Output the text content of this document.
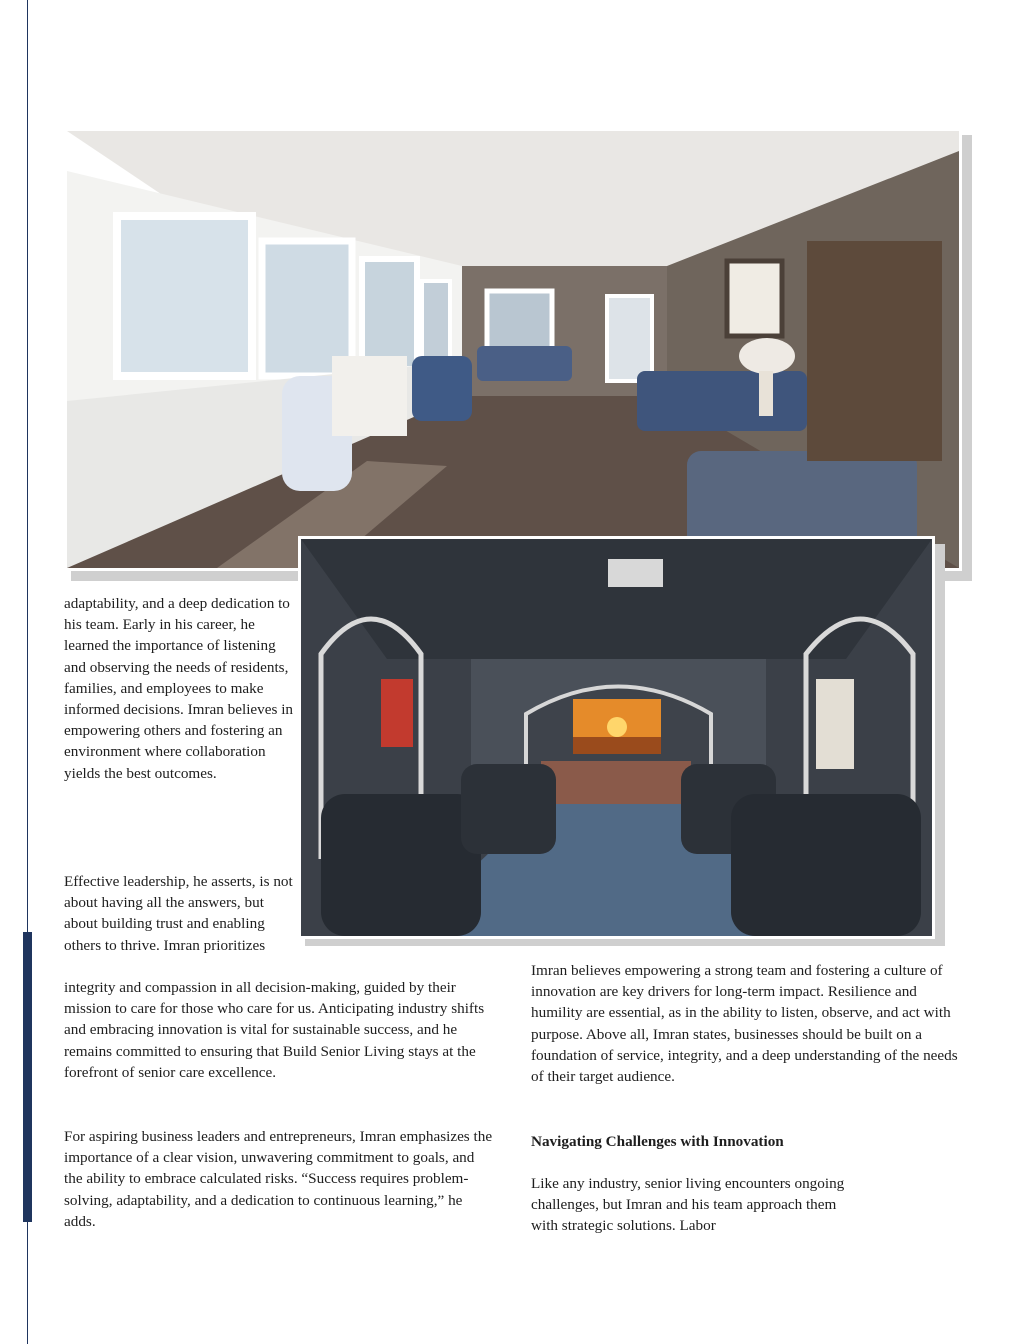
adaptability, and a deep dedication to his team. Early in his career, he learned the importance of listening and observing the needs of residents, families, and employees to make informed decisions. Imran believes in empowering others and fostering an environment where collaboration yields the best outcomes.

Effective leadership, he asserts, is not about having all the answers, but about building trust and enabling others to thrive. Imran prioritizes

integrity and compassion in all decision-making, guided by their mission to care for those who care for us. Anticipating industry shifts and embracing innovation is vital for sustainable success, and he remains committed to ensuring that Build Senior Living stays at the forefront of senior care excellence.

For aspiring business leaders and entrepreneurs, Imran emphasizes the importance of a clear vision, unwavering commitment to goals, and the ability to embrace calculated risks. “Success requires problem-solving, adaptability, and a dedication to continuous learning,” he adds.

Imran believes empowering a strong team and fostering a culture of innovation are key drivers for long-term impact. Resilience and humility are essential, as in the ability to listen, observe, and act with purpose. Above all, Imran states, businesses should be built on a foundation of service, integrity, and a deep understanding of the needs of their target audience.

Navigating Challenges with Innovation

Like any industry, senior living encounters ongoing challenges, but Imran and his team approach them with strategic solutions. Labor
